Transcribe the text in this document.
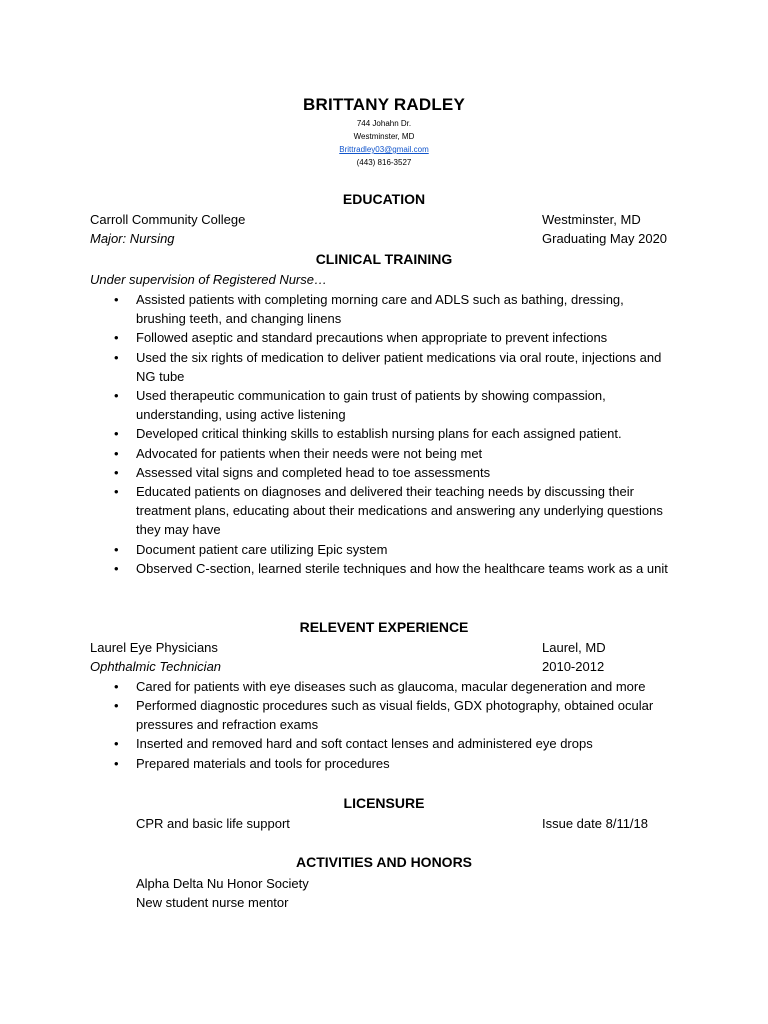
BRITTANY RADLEY
744 Johahn Dr.
Westminster, MD
Brittradley03@gmail.com
(443) 816-3527
EDUCATION
Carroll Community College	Westminster, MD
Major: Nursing	Graduating May 2020
CLINICAL TRAINING
Under supervision of Registered Nurse…
•	Assisted patients with completing morning care and ADLS such as bathing, dressing, brushing teeth, and changing linens
•	Followed aseptic and standard precautions when appropriate to prevent infections
•	Used the six rights of medication to deliver patient medications via oral route, injections and NG tube
•	Used therapeutic communication to gain trust of patients by showing compassion, understanding, using active listening
•	Developed critical thinking skills to establish nursing plans for each assigned patient.
•	Advocated for patients when their needs were not being met
•	Assessed vital signs and completed head to toe assessments
•	Educated patients on diagnoses and delivered their teaching needs by discussing their treatment plans, educating about their medications and answering any underlying questions they may have
•	Document patient care utilizing Epic system
•	Observed C-section, learned sterile techniques and how the healthcare teams work as a unit
RELEVENT EXPERIENCE
Laurel Eye Physicians	Laurel, MD
Ophthalmic Technician	2010-2012
•	Cared for patients with eye diseases such as glaucoma, macular degeneration and more
•	Performed diagnostic procedures such as visual fields, GDX photography, obtained ocular pressures and refraction exams
•	Inserted and removed hard and soft contact lenses and administered eye drops
•	Prepared materials and tools for procedures
LICENSURE
CPR and basic life support	Issue date 8/11/18
ACTIVITIES AND HONORS
Alpha Delta Nu Honor Society
New student nurse mentor
